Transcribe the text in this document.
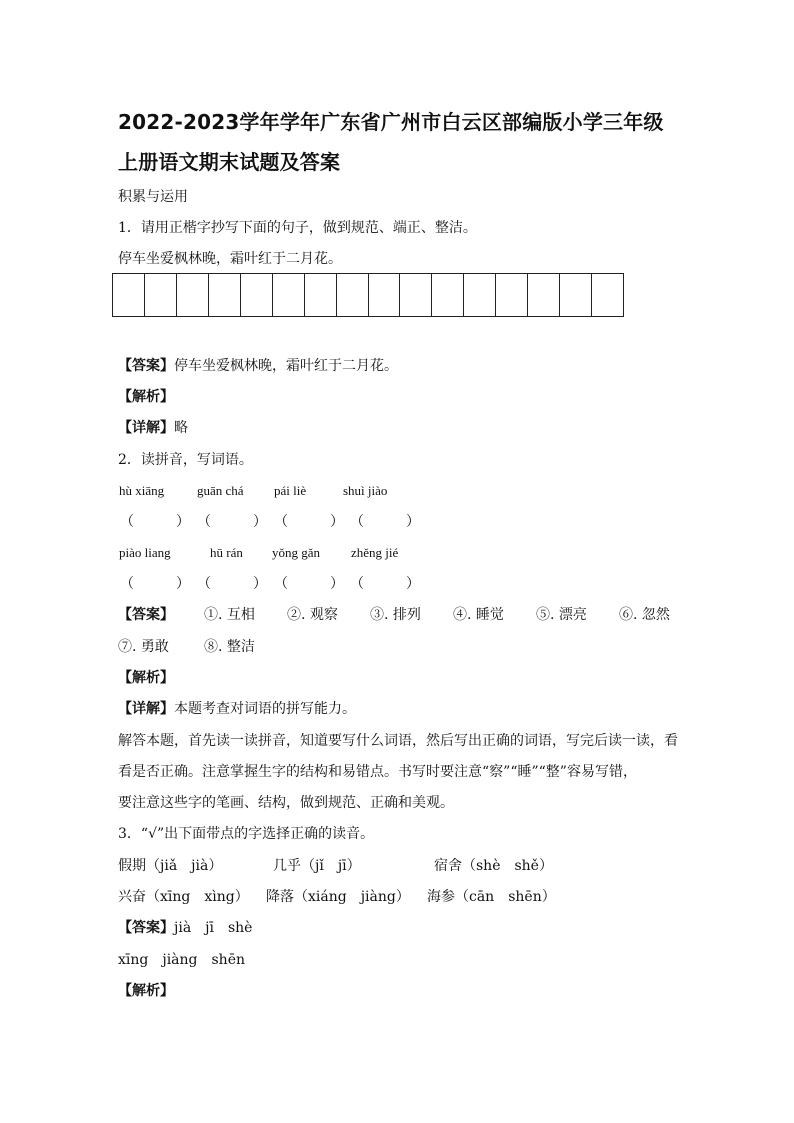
2022-2023学年学年广东省广州市白云区部编版小学三年级
上册语文期末试题及答案
积累与运用
1．请用正楷字抄写下面的句子，做到规范、端正、整洁。
停车坐爱枫林晚，霜叶红于二月花。
【答案】停车坐爱枫林晚，霜叶红于二月花。
【解析】
【详解】略
2．读拼音，写词语。
hù xiāng	guān chá pái liè	shuì jiào
（　　　） （　　　） （　　　） （　　　）
piào liang	hū rán yǒng gǎn zhěng jié
（　　　） （　　　） （　　　） （　　　）
【答案】 ①. 互相 ②. 观察 ③. 排列 ④. 睡觉 ⑤. 漂亮 ⑥. 忽然
⑦. 勇敢	⑧. 整洁
【解析】
【详解】本题考查对词语的拼写能力。
解答本题，首先读一读拼音，知道要写什么词语，然后写出正确的词语，写完后读一读，看
看是否正确。注意掌握生字的结构和易错点。书写时要注意“察”“睡”“整”容易写错，
要注意这些字的笔画、结构，做到规范、正确和美观。
3．“√”出下面带点的字选择正确的读音。
假期（jiǎ　jià）	几乎（jǐ　jī）	宿舍（shè　shě）
兴奋（xīng　xìng） 降落（xiáng　jiàng） 海参（cān　shēn）
【答案】jià　jī　shè
xīng　jiàng　shēn
【解析】
